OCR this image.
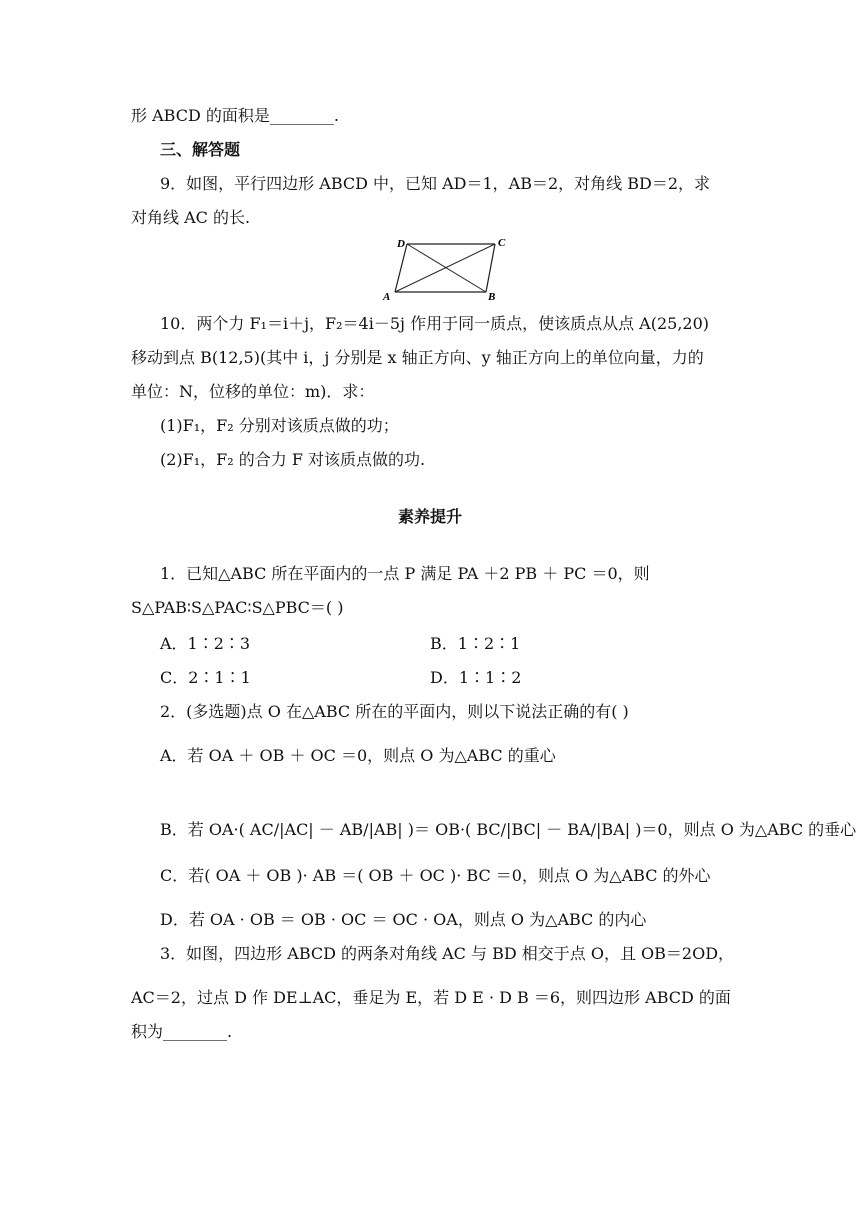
形 ABCD 的面积是________.
三、解答题
9．如图，平行四边形 ABCD 中，已知 AD＝1，AB＝2，对角线 BD＝2，求
对角线 AC 的长.
A	B
C
D
10．两个力 F₁＝i＋j，F₂＝4i－5j 作用于同一质点，使该质点从点 A(25,20)
移动到点 B(12,5)(其中 i，j 分别是 x 轴正方向、y 轴正方向上的单位向量，力的
单位：N，位移的单位：m)．求：
(1)F₁，F₂ 分别对该质点做的功；
(2)F₁，F₂ 的合力 F 对该质点做的功.
素养提升
1．已知△ABC 所在平面内的一点 P 满足 PA ＋2 PB ＋ PC ＝0，则
S△PAB∶S△PAC∶S△PBC＝( )
A．1∶2∶3	B．1∶2∶1
C．2∶1∶1	D．1∶1∶2
2．(多选题)点 O 在△ABC 所在的平面内，则以下说法正确的有( )
A．若 OA ＋ OB ＋ OC ＝0，则点 O 为△ABC 的重心
B．若 OA·( AC/|AC| － AB/|AB| )＝ OB·( BC/|BC| － BA/|BA| )＝0，则点 O 为△ABC 的垂心
C．若( OA ＋ OB )· AB ＝( OB ＋ OC )· BC ＝0，则点 O 为△ABC 的外心
D．若 OA · OB ＝ OB · OC ＝ OC · OA，则点 O 为△ABC 的内心
3．如图，四边形 ABCD 的两条对角线 AC 与 BD 相交于点 O，且 OB＝2OD，
AC＝2，过点 D 作 DE⊥AC，垂足为 E，若 D E · D B ＝6，则四边形 ABCD 的面
积为________.
